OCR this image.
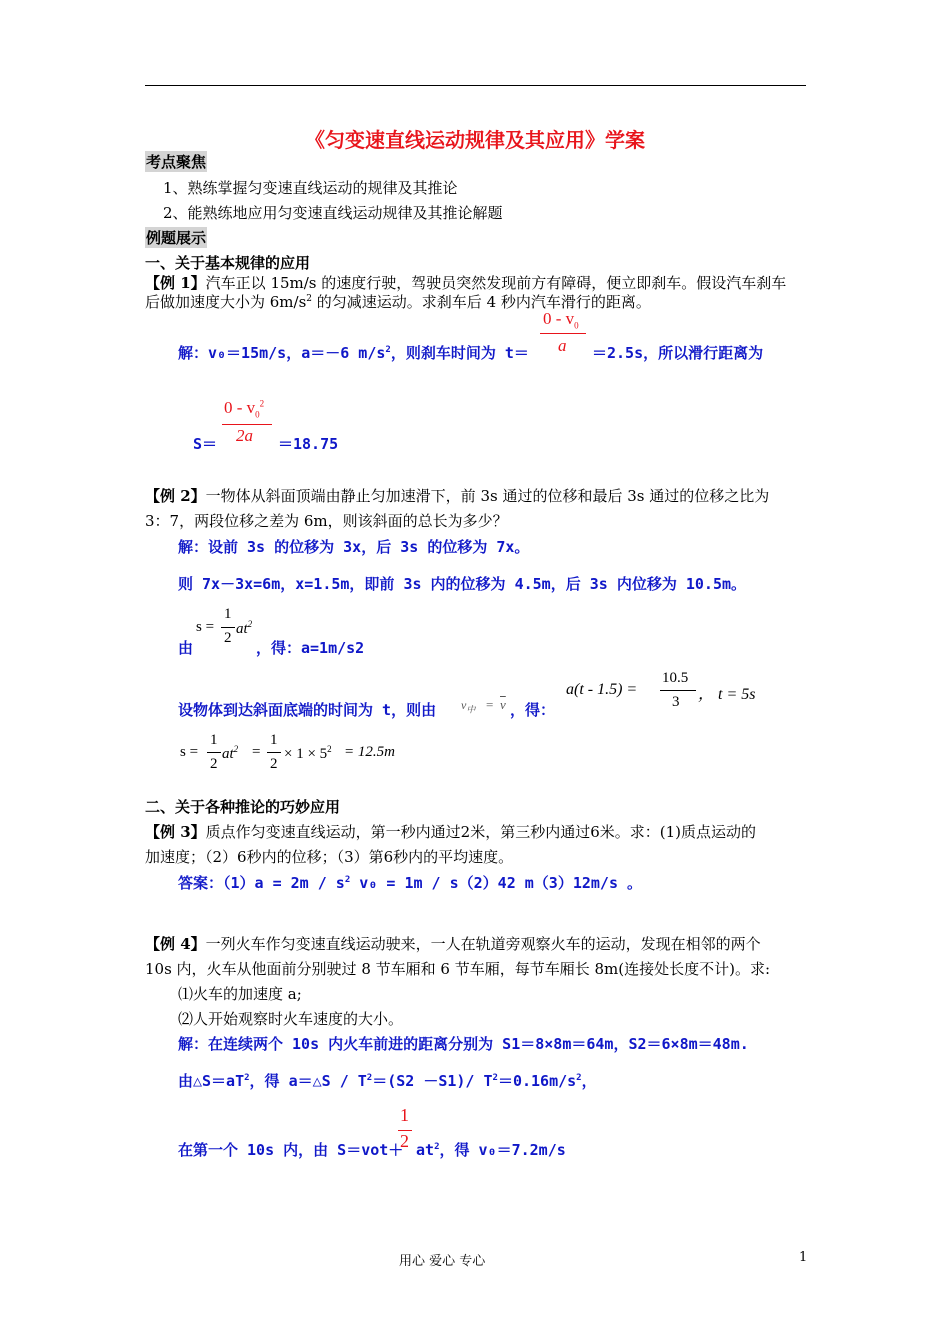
《匀变速直线运动规律及其应用》学案
考点聚焦
1、熟练掌握匀变速直线运动的规律及其推论
2、能熟练地应用匀变速直线运动规律及其推论解题
例题展示
一、关于基本规律的应用
【例 1】汽车正以 15m/s 的速度行驶，驾驶员突然发现前方有障碍，便立即刹车。假设汽车刹车
后做加速度大小为 $6m/s^2$ 的匀减速运动。求刹车后 4 秒内汽车滑行的距离。
$0 - v_0$
a
解：v₀＝15m/s，a＝－6 $m/s^2$，则刹车时间为 t＝	＝2.5s，所以滑行距离为
$0 - v_0^2$
2a
S＝	＝18.75
【例 2】一物体从斜面顶端由静止匀加速滑下，前 3s 通过的位移和最后 3s 通过的位移之比为
3：7，两段位移之差为 6m，则该斜面的总长为多少？
解：设前 3s 的位移为 3x，后 3s 的位移为 7x。
则 7x－3x=6m，x=1.5m，即前 3s 内的位移为 4.5m，后 3s 内位移为 10.5m。
s =
1
2
$at^2$
由	，得：a=1m/s2
设物体到达斜面底端的时间为 t，则由 $v_中 = \overline{v}$ ，得：
a(t - 1.5) =
10.5
3 ， t = 5s
s =
1
2
$at^2$ =
1
2
× $1 \times 5^2 = 12.5m$
二、关于各种推论的巧妙应用
【例 3】质点作匀变速直线运动，第一秒内通过2米，第三秒内通过6米。求：(1)质点运动的
加速度；（2）6秒内的位移；（3）第6秒内的平均速度。
答案：$(1)a = 2m / s^2$ v₀ = 1m / s（2）42 m（3）12m/s 。
【例 4】一列火车作匀变速直线运动驶来，一人在轨道旁观察火车的运动，发现在相邻的两个
10s 内，火车从他面前分别驶过 8 节车厢和 6 节车厢，每节车厢长 8m(连接处长度不计)。求:
⑴火车的加速度 a;
⑵人开始观察时火车速度的大小。
解：在连续两个 10s 内火车前进的距离分别为 S1＝8×8m＝64m，S2＝6×8m＝48m.
由$\triangle S=aT^2$，得 a＝△S / $T^2=(S2 -S1)/$ $T^2=0.16m/s^2$，
1
2
在第一个 10s 内，由 $S=vot+ at^2$，得 v₀＝7.2m/s
用心 爱心 专心	1
